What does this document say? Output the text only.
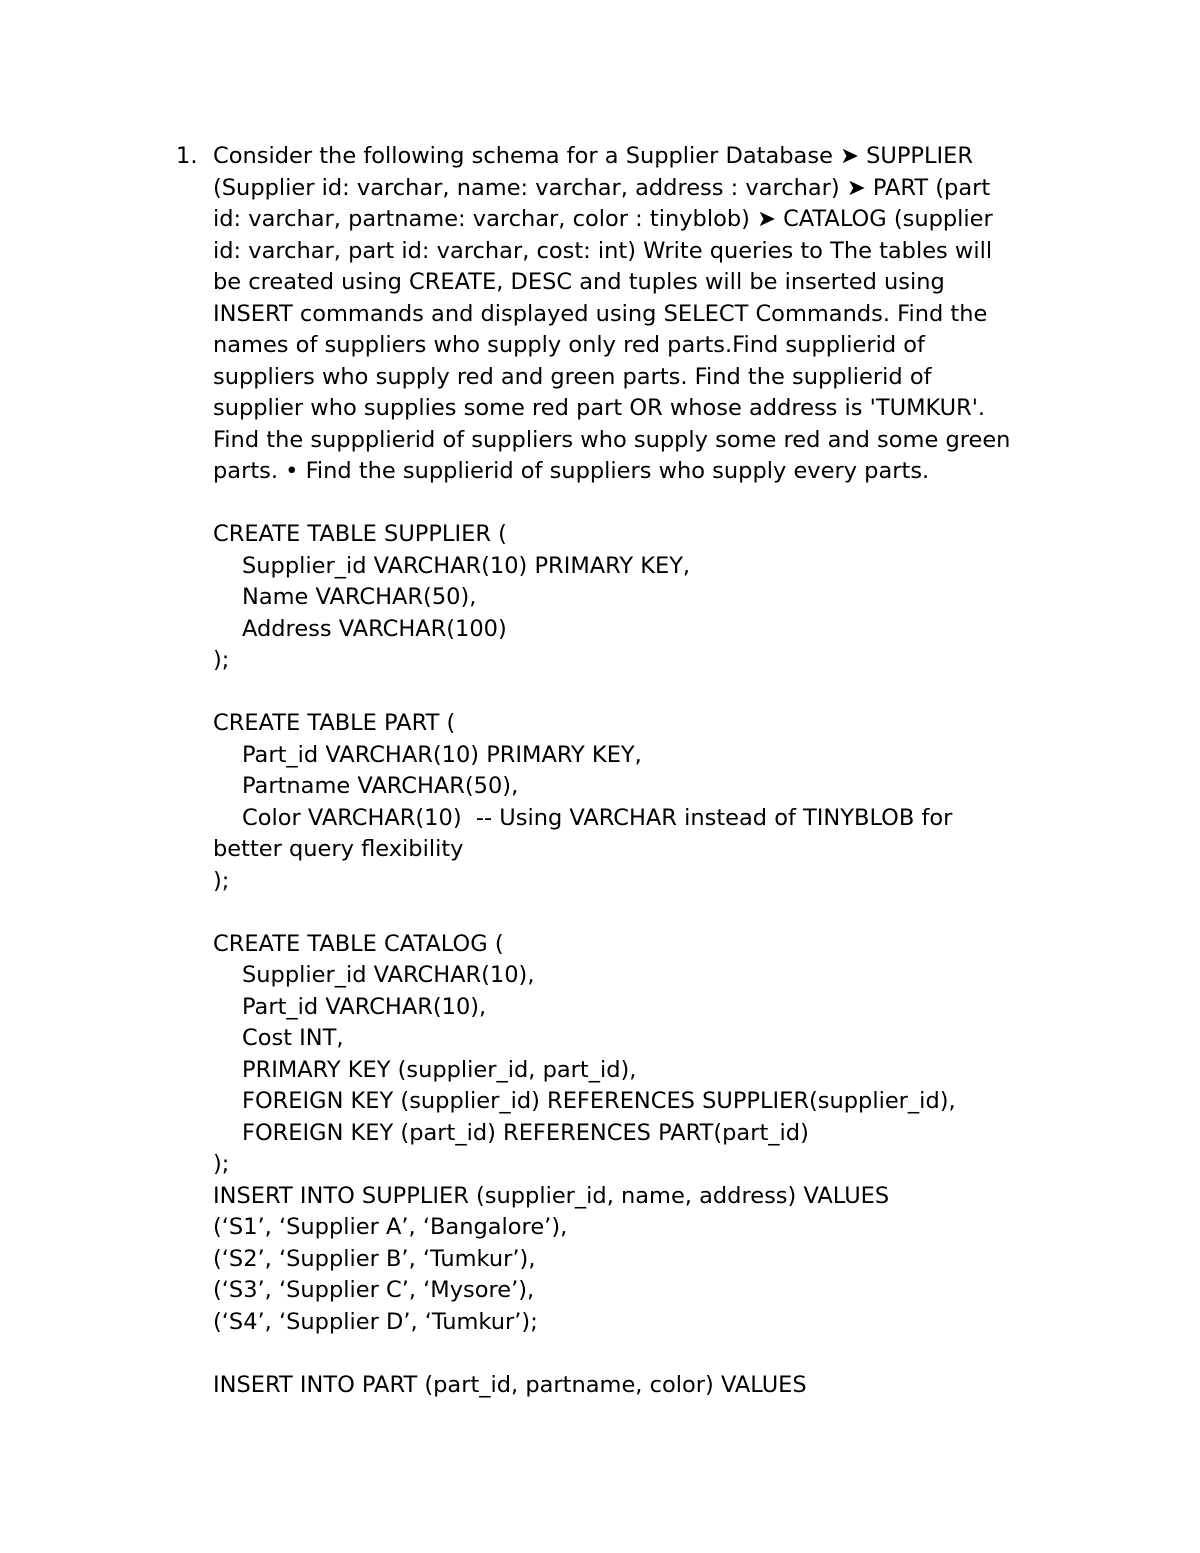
1. Consider the following schema for a Supplier Database ➤ SUPPLIER
(Supplier id: varchar, name: varchar, address : varchar) ➤ PART (part
id: varchar, partname: varchar, color : tinyblob) ➤ CATALOG (supplier
id: varchar, part id: varchar, cost: int) Write queries to The tables will
be created using CREATE, DESC and tuples will be inserted using
INSERT commands and displayed using SELECT Commands. Find the
names of suppliers who supply only red parts.Find supplierid of
suppliers who supply red and green parts. Find the supplierid of
supplier who supplies some red part OR whose address is 'TUMKUR'.
Find the suppplierid of suppliers who supply some red and some green
parts. • Find the supplierid of suppliers who supply every parts.
CREATE TABLE SUPPLIER (
Supplier_id VARCHAR(10) PRIMARY KEY,
Name VARCHAR(50),
Address VARCHAR(100)
);
CREATE TABLE PART (
Part_id VARCHAR(10) PRIMARY KEY,
Partname VARCHAR(50),
Color VARCHAR(10)  -- Using VARCHAR instead of TINYBLOB for
better query flexibility
);
CREATE TABLE CATALOG (
Supplier_id VARCHAR(10),
Part_id VARCHAR(10),
Cost INT,
PRIMARY KEY (supplier_id, part_id),
FOREIGN KEY (supplier_id) REFERENCES SUPPLIER(supplier_id),
FOREIGN KEY (part_id) REFERENCES PART(part_id)
);
INSERT INTO SUPPLIER (supplier_id, name, address) VALUES
(‘S1’, ‘Supplier A’, ‘Bangalore’),
(‘S2’, ‘Supplier B’, ‘Tumkur’),
(‘S3’, ‘Supplier C’, ‘Mysore’),
(‘S4’, ‘Supplier D’, ‘Tumkur’);
INSERT INTO PART (part_id, partname, color) VALUES
